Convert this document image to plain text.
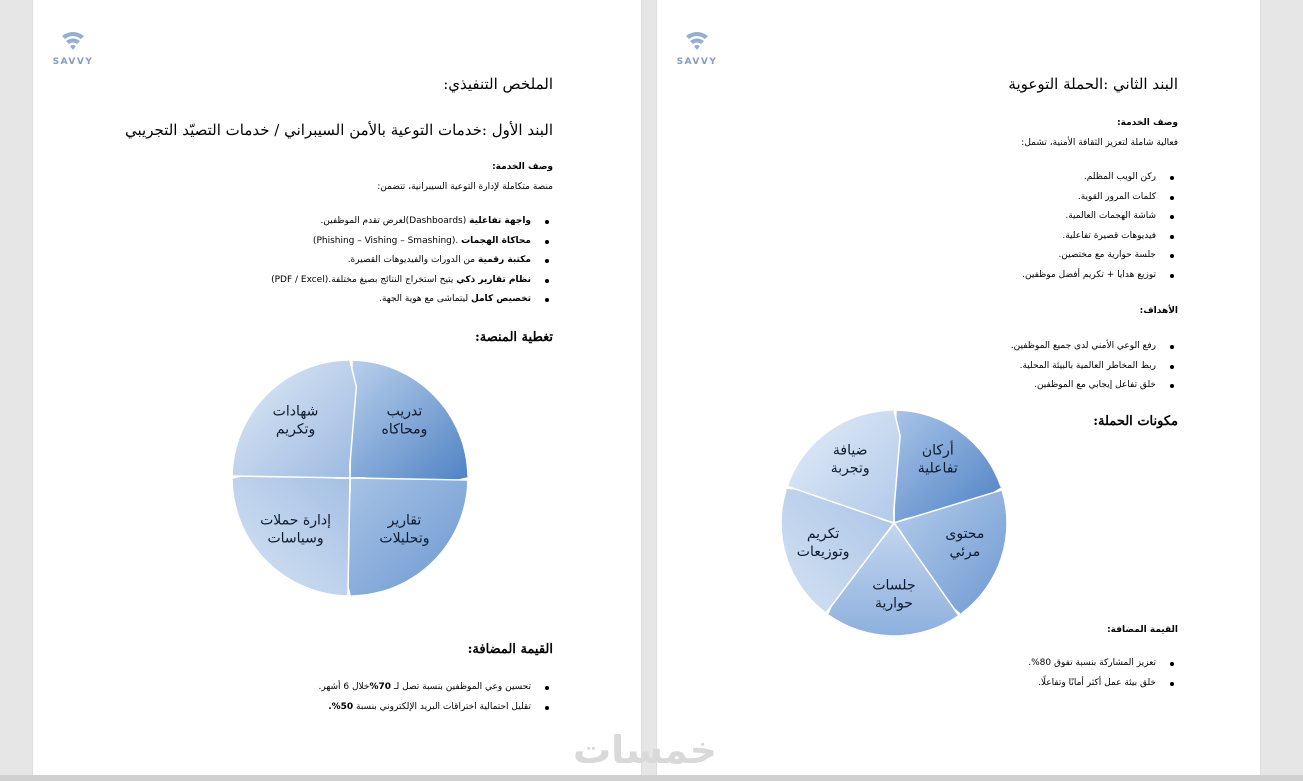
SAVVY
الملخص التنفيذي:
البند الأول :خدمات التوعية بالأمن السيبراني / خدمات التصيّد التجريبي
وصف الخدمة:
منصة متكاملة لإدارة التوعية السيبرانية، تتضمن:
واجهة تفاعلية (Dashboards)لعرض تقدم الموظفين.
محاكاة الهجمات .(Phishing – Vishing – Smashing)
مكتبة رقمية من الدورات والفيديوهات القصيرة.
نظام تقارير ذكي يتيح استخراج النتائج بصيغ مختلفة.(PDF / Excel)
تخصيص كامل ليتماشى مع هوية الجهة.
تغطية المنصة:
تدريب
ومحاكاه
تقارير
وتحليلات
إدارة حملات
وسياسات
شهادات
وتكريم
القيمة المضافة:
تحسين وعي الموظفين بنسبة تصل لـ 70%خلال 6 أشهر.
تقليل احتمالية اختراقات البريد الإلكتروني بنسبة 50%.
SAVVY
البند الثاني :الحملة التوعوية
وصف الخدمة:
فعالية شاملة لتعزيز الثقافة الأمنية، تشمل:
ركن الويب المظلم.
كلمات المرور القوية.
شاشة الهجمات العالمية.
فيديوهات قصيرة تفاعلية.
جلسة حوارية مع مختصين.
توزيع هدايا + تكريم أفضل موظفين.
الأهداف:
رفع الوعي الأمني لدى جميع الموظفين.
ربط المخاطر العالمية بالبيئة المحلية.
خلق تفاعل إيجابي مع الموظفين.
مكونات الحملة:
أركان
تفاعلية
محتوى
مرئي
جلسات
حوارية
تكريم
وتوزيعات
ضيافة
وتجربة
القيمة المضافة:
تعزيز المشاركة بنسبة تفوق 80%.
خلق بيئة عمل أكثر أمانًا وتفاعلًا.
خمسات
